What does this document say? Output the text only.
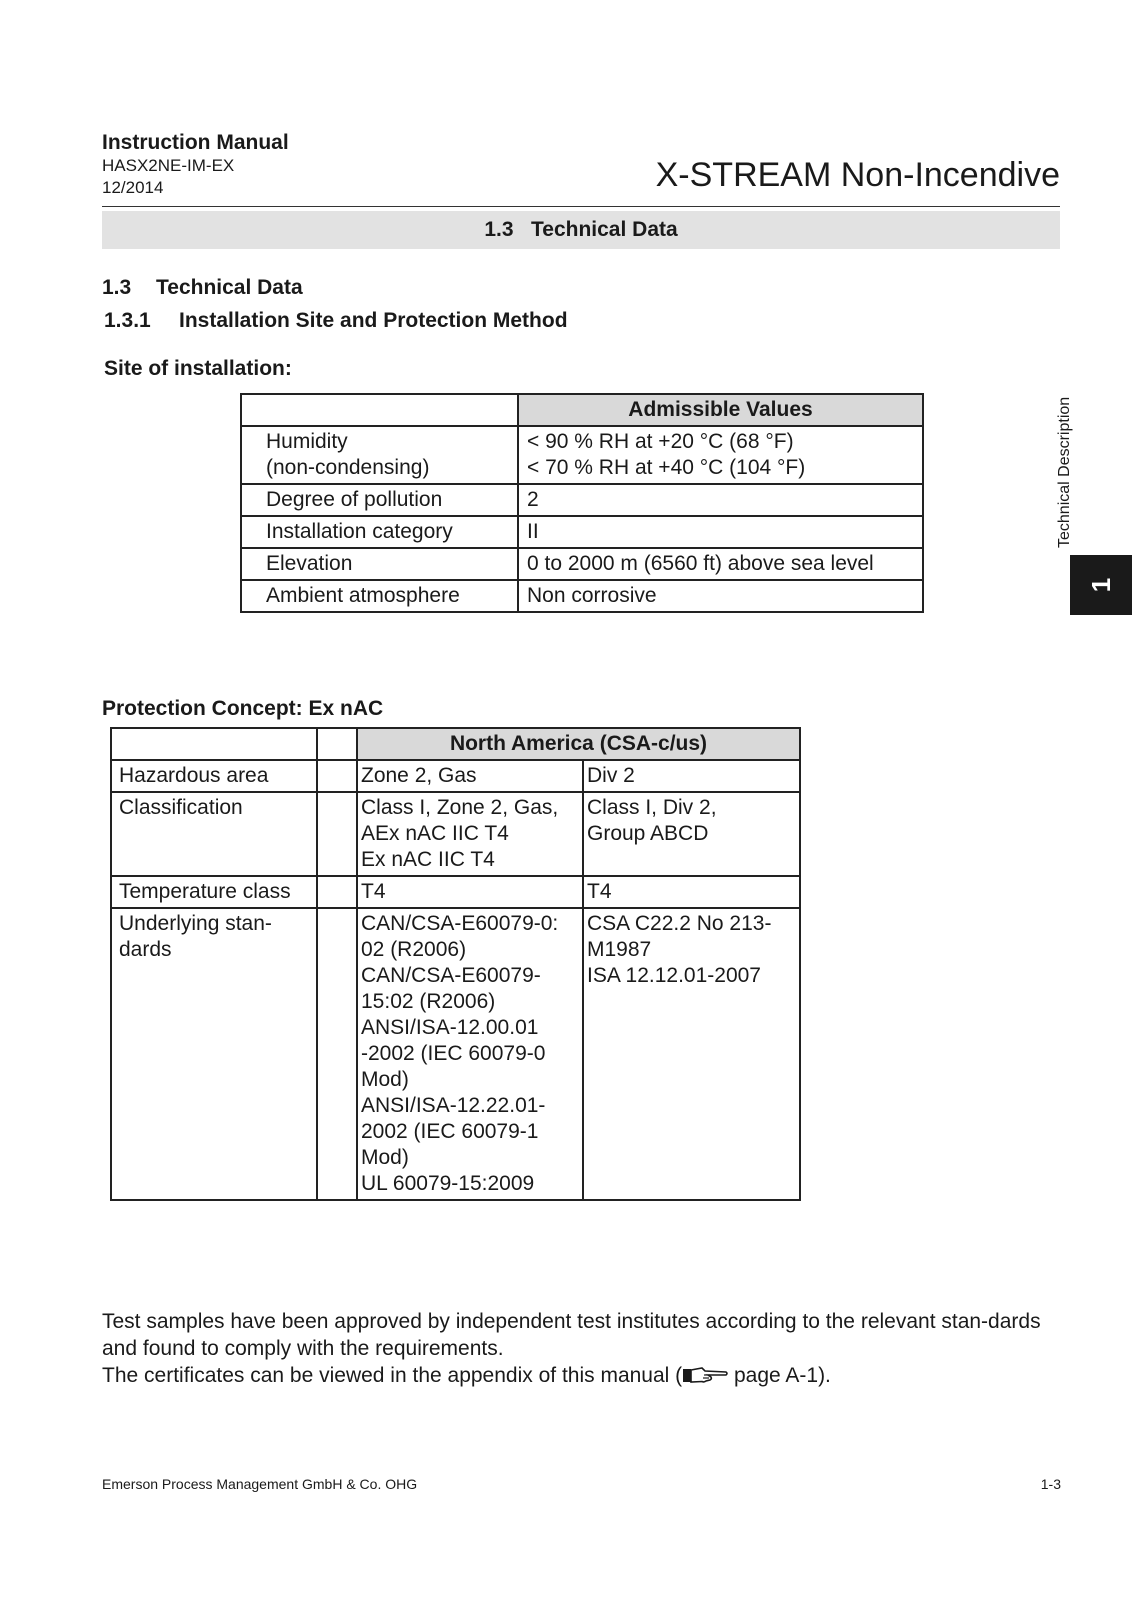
Instruction Manual
HASX2NE-IM-EX
12/2014	X-STREAM Non-Incendive
1.3   Technical Data
1.3 Technical Data
1.3.1 Installation Site and Protection Method
Site of installation:
	Admissible Values

Humidity
(non-condensing)	< 90 % RH at +20 °C (68 °F)
< 70 % RH at +40 °C (104 °F)

Degree of pollution	2

Installation category	II

Elevation	0 to 2000 m (6560 ft) above sea level

Ambient atmosphere	Non corrosive
Protection Concept: Ex nAC
		North America (CSA-c/us)	
Hazardous area		Zone 2, Gas	Div 2

Classification		Class I, Zone 2, Gas,
AEx nAC IIC T4
Ex nAC IIC T4	Class I, Div 2,
Group ABCD

Temperature class		T4	T4

Underlying stan-dards		CAN/CSA-E60079-0: 02 (R2006)
CAN/CSA-E60079-15:02 (R2006)
ANSI/ISA-12.00.01 -2002 (IEC 60079-0 Mod)
ANSI/ISA-12.22.01-2002 (IEC 60079-1 Mod)
UL 60079-15:2009	CSA C22.2 No 213-M1987
ISA 12.12.01-2007
Technical Description
1
Test samples have been approved by independent test institutes according to the relevant stan-dards and found to comply with the requirements.
The certificates can be viewed in the appendix of this manual ( page A-1).
Emerson Process Management GmbH & Co. OHG	1-3
